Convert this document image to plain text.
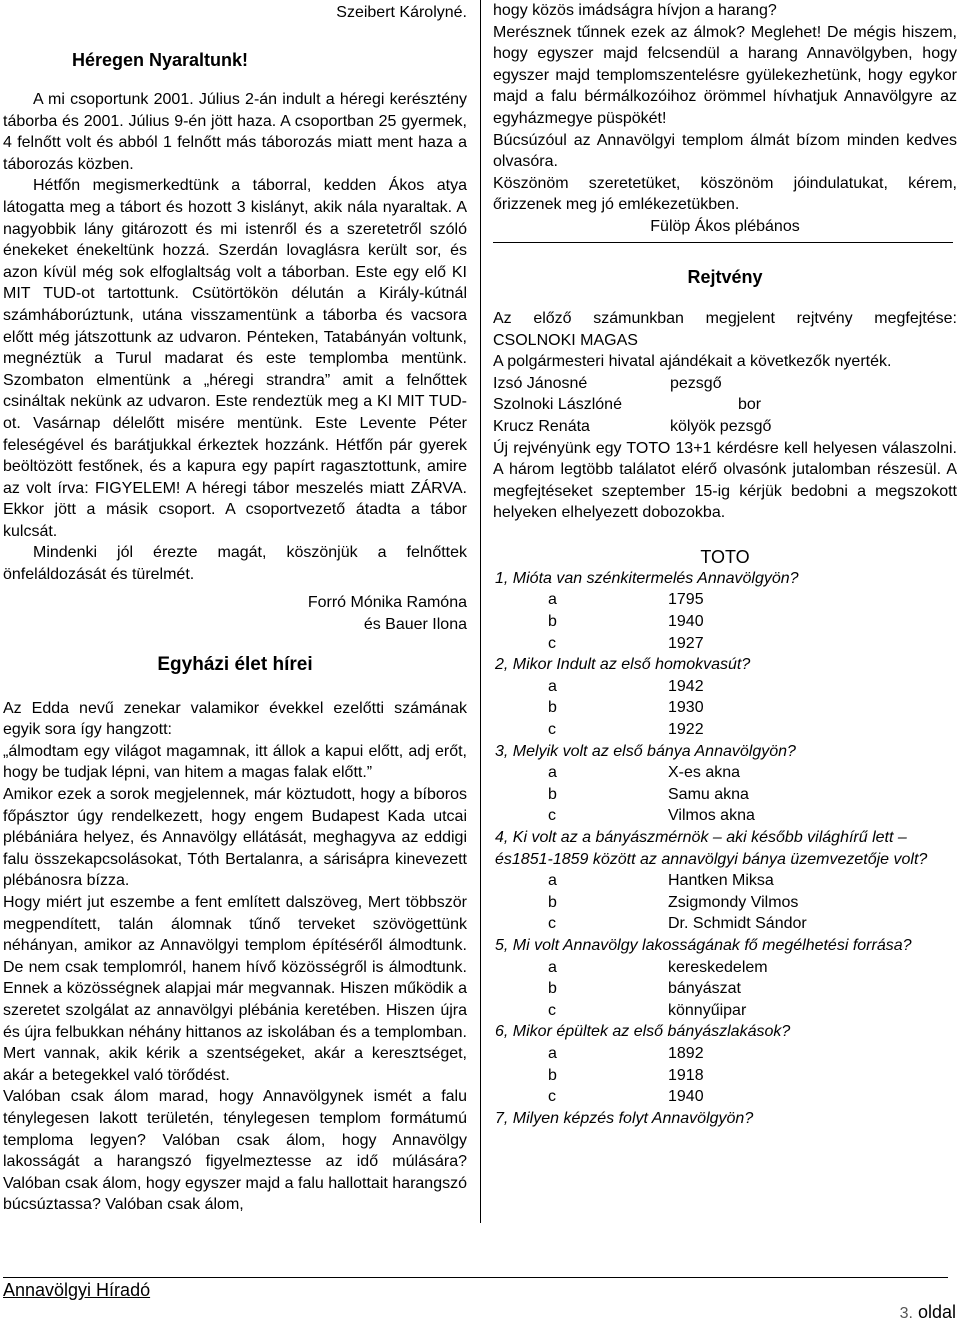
Szeibert Károlyné.
Héregen Nyaraltunk!

A mi csoportunk 2001. Július 2-án indult a héregi kerésztény táborba és 2001. Július 9-én jött haza. A csoportban 25 gyermek, 4 felnőtt volt és abból 1 felnőtt más táborozás miatt ment haza a táborozás közben.

Hétfőn megismerkedtünk a táborral, kedden Ákos atya látogatta meg a tábort és hozott 3 kislányt, akik nála nyaraltak. A nagyobbik lány gitározott és mi istenről és a szeretetről szóló énekeket énekeltünk hozzá. Szerdán lovaglásra került sor, és azon kívül még sok elfoglaltság volt a táborban. Este egy elő KI MIT TUD-ot tartottunk. Csütörtökön délután a Király-kútnál számháborúztunk, utána visszamentünk a táborba és vacsora előtt még játszottunk az udvaron. Pénteken, Tatabányán voltunk, megnéztük a Turul madarat és este templomba mentünk. Szombaton elmentünk a „héregi strandra” amit a felnőttek csináltak nekünk az udvaron. Este rendeztük meg a KI MIT TUD-ot. Vasárnap délelőtt misére mentünk. Este Levente Péter feleségével és barátjukkal érkeztek hozzánk. Hétfőn pár gyerek beöltözött festőnek, és a kapura egy papírt ragasztottunk, amire az volt írva: FIGYELEM! A héregi tábor meszelés miatt ZÁRVA. Ekkor jött a másik csoport. A csoportvezető átadta a tábor kulcsát.

Mindenki jól érezte magát, köszönjük a felnőttek önfeláldozását és türelmét.

Forró Mónika Ramóna
és Bauer Ilona
Egyházi élet hírei

Az Edda nevű zenekar valamikor évekkel ezelőtti számának egyik sora így hangzott:

„álmodtam egy világot magamnak, itt állok a kapui előtt, adj erőt, hogy be tudjak lépni, van hitem a magas falak előtt.”

Amikor ezek a sorok megjelennek, már köztudott, hogy a bíboros főpásztor úgy rendelkezett, hogy engem Budapest Kada utcai plébániára helyez, és Annavölgy ellátását, meghagyva az eddigi falu összekapcsolásokat, Tóth Bertalanra, a sárisápra kinevezett plébánosra bízza.

Hogy miért jut eszembe a fent említett dalszöveg, Mert többször megpendített, talán álomnak tűnő terveket szövögettünk néhányan, amikor az Annavölgyi templom építéséről álmodtunk. De nem csak templomról, hanem hívő közösségről is álmodtunk. Ennek a közösségnek alapjai már megvannak. Hiszen működik a szeretet szolgálat az annavölgyi plébánia keretében. Hiszen újra és újra felbukkan néhány hittanos az iskolában és a templomban. Mert vannak, akik kérik a szentségeket, akár a keresztséget, akár a betegekkel való törődést.

Valóban csak álom marad, hogy Annavölgynek ismét a falu ténylegesen lakott területén, ténylegesen templom formátumú temploma legyen? Valóban csak álom, hogy Annavölgy lakosságát a harangszó figyelmeztesse az idő múlására? Valóban csak álom, hogy egyszer majd a falu hallottait harangszó búcsúztassa? Valóban csak álom,

hogy közös imádságra hívjon a harang?

Merésznek tűnnek ezek az álmok? Meglehet! De mégis hiszem, hogy egyszer majd felcsendül a harang Annavölgyben, hogy egyszer majd templomszentelésre gyülekezhetünk, hogy egykor majd a falu bérmálkozóihoz örömmel hívhatjuk Annavölgyre az egyházmegye püspökét!

Búcsúzóul az Annavölgyi templom álmát bízom minden kedves olvasóra.

Köszönöm szeretetüket, köszönöm jóindulatukat, kérem, őrizzenek meg jó emlékezetükben.

Fülöp Ákos plébános
Rejtvény

Az előző számunkban megjelent rejtvény megfejtése: CSOLNOKI MAGAS

A polgármesteri hivatal ajándékait a következők nyerték.

Izsó Jánosné	pezsgő
Szolnoki Lászlóné	bor
Krucz Renáta	kölyök pezsgő

Új rejvényünk egy TOTO 13+1 kérdésre kell helyesen válaszolni. A három legtöbb találatot elérő olvasónk jutalomban részesül. A megfejtéseket szeptember 15-ig kérjük bedobni a megszokott helyeken elhelyezett dobozokba.

TOTO

1, Mióta van szénkitermelés Annavölgyön?

a	1795
b	1940
c	1927

2, Mikor Indult az első homokvasút?

a	1942
b	1930
c	1922

3, Melyik volt az első bánya Annavölgyön?

a	X-es akna
b	Samu akna
c	Vilmos akna

4, Ki volt az a bányászmérnök – aki később világhírű lett – és1851-1859 között az annavölgyi bánya üzemvezetője volt?

a	Hantken Miksa
b	Zsigmondy Vilmos
c	Dr. Schmidt Sándor

5, Mi volt Annavölgy lakosságának fő megélhetési forrása?

a	kereskedelem
b	bányászat
c	könnyűipar

6, Mikor épültek az első bányászlakások?

a	1892
b	1918
c	1940

7, Milyen képzés folyt Annavölgyön?

Annavölgyi Híradó
3. oldal
